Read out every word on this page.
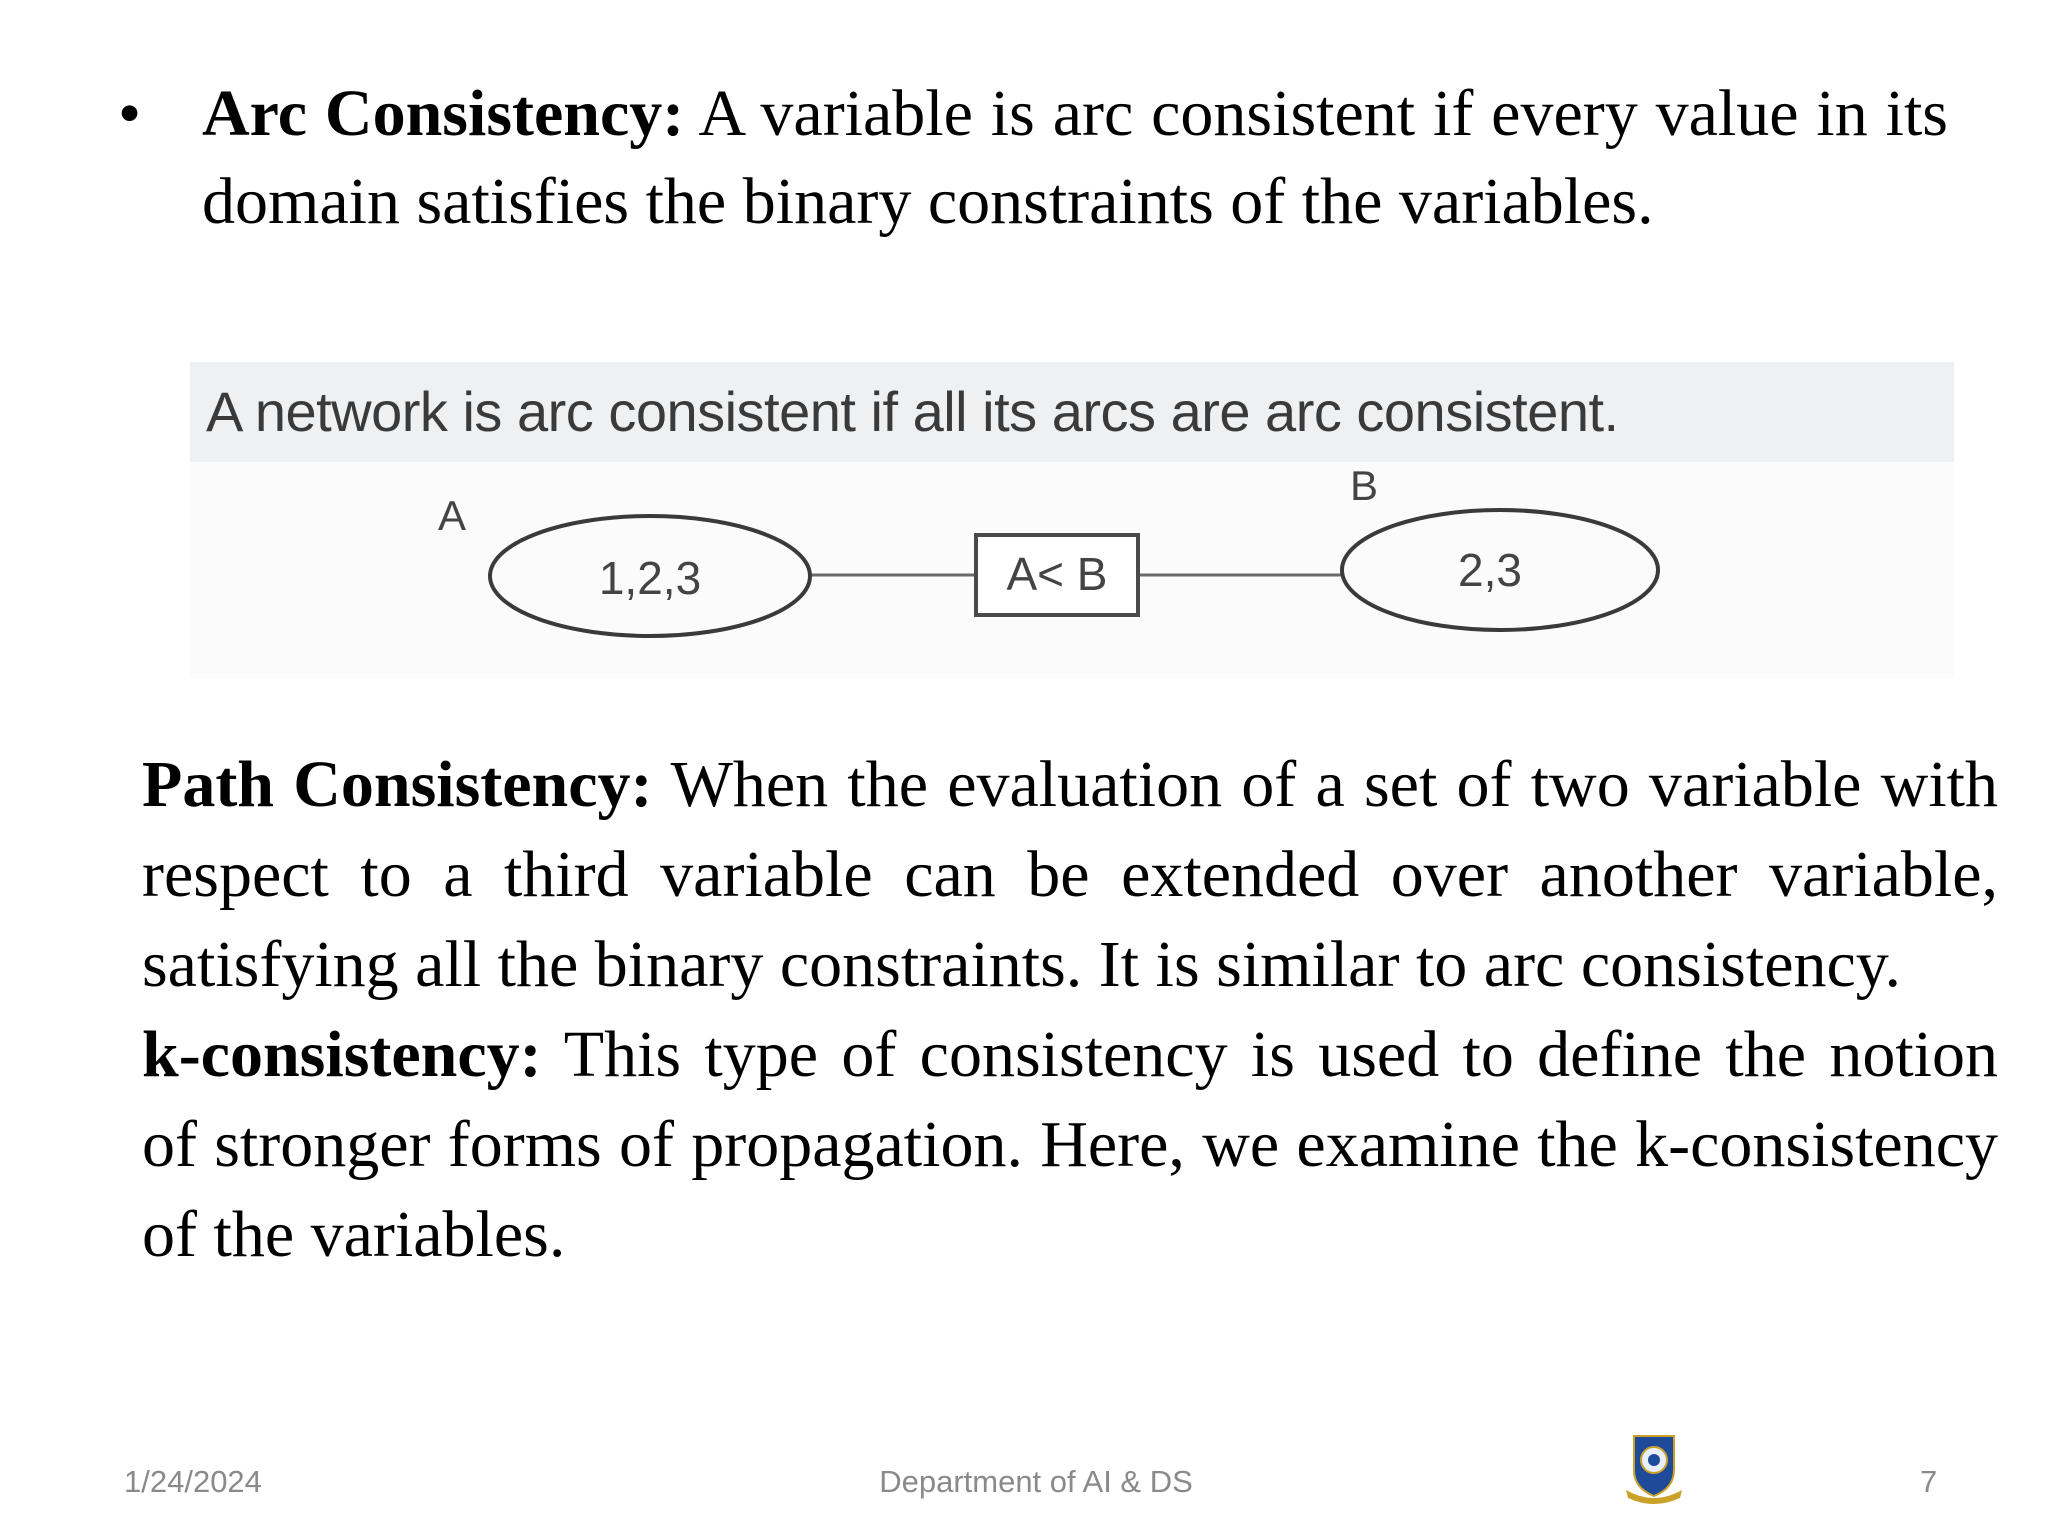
• Arc Consistency: A variable is arc consistent if every value in its domain satisfies the binary constraints of the variables.

A network is arc consistent if all its arcs are arc consistent.
A
B
1,2,3	A< B	2,3

Path Consistency: When the evaluation of a set of two variable with respect to a third variable can be extended over another variable, satisfying all the binary constraints. It is similar to arc consistency.

k-consistency: This type of consistency is used to define the notion of stronger forms of propagation. Here, we examine the k-consistency of the variables.

1/24/2024	Department of AI & DS	7
